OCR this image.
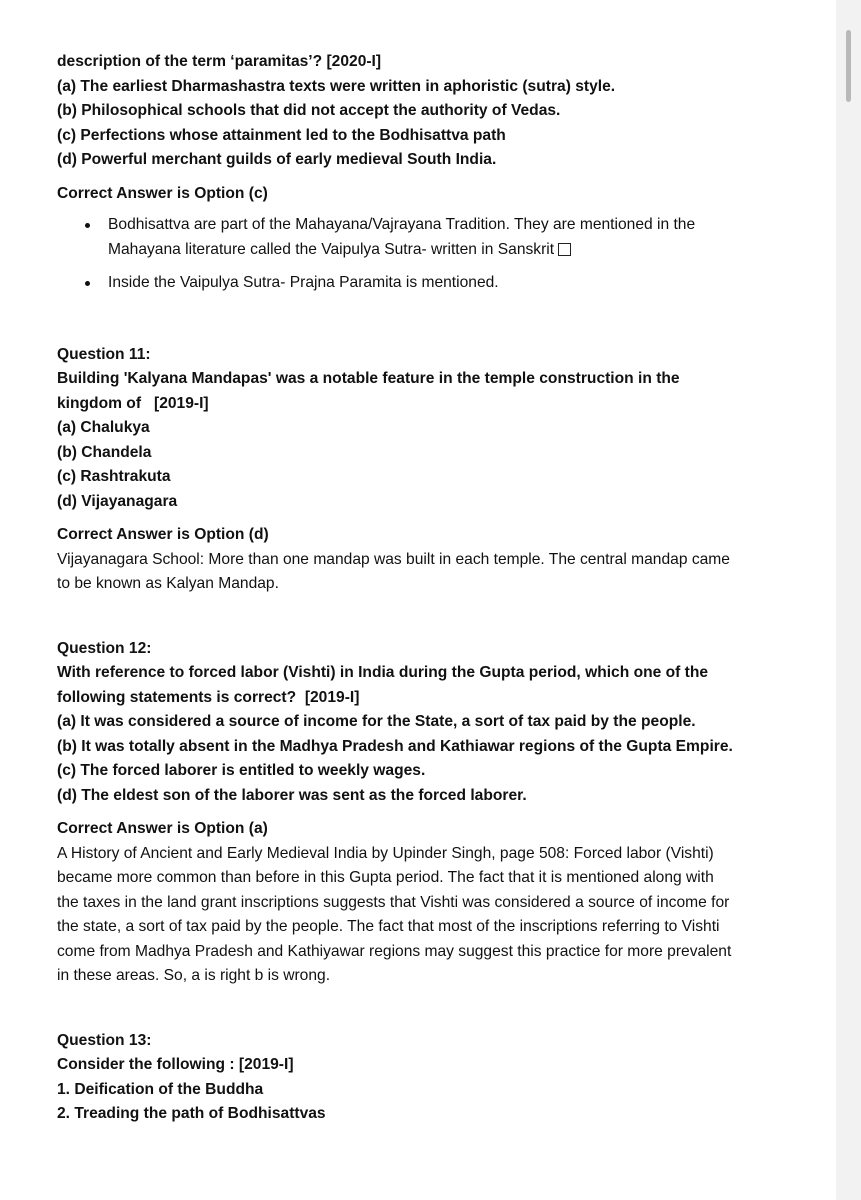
description of the term ‘paramitas’? [2020-I]
(a) The earliest Dharmashastra texts were written in aphoristic (sutra) style.
(b) Philosophical schools that did not accept the authority of Vedas.
(c) Perfections whose attainment led to the Bodhisattva path
(d) Powerful merchant guilds of early medieval South India.
Correct Answer is Option (c)
Bodhisattva are part of the Mahayana/Vajrayana Tradition. They are mentioned in the
Mahayana literature called the Vaipulya Sutra- written in Sanskrit
Inside the Vaipulya Sutra- Prajna Paramita is mentioned.
Question 11:
Building 'Kalyana Mandapas' was a notable feature in the temple construction in the
kingdom of   [2019-I]
(a) Chalukya
(b) Chandela
(c) Rashtrakuta
(d) Vijayanagara
Correct Answer is Option (d)
Vijayanagara School: More than one mandap was built in each temple. The central mandap came
to be known as Kalyan Mandap.
Question 12:
With reference to forced labor (Vishti) in India during the Gupta period, which one of the
following statements is correct?  [2019-I]
(a) It was considered a source of income for the State, a sort of tax paid by the people.
(b) It was totally absent in the Madhya Pradesh and Kathiawar regions of the Gupta Empire.
(c) The forced laborer is entitled to weekly wages.
(d) The eldest son of the laborer was sent as the forced laborer.
Correct Answer is Option (a)
A History of Ancient and Early Medieval India by Upinder Singh, page 508: Forced labor (Vishti)
became more common than before in this Gupta period. The fact that it is mentioned along with
the taxes in the land grant inscriptions suggests that Vishti was considered a source of income for
the state, a sort of tax paid by the people. The fact that most of the inscriptions referring to Vishti
come from Madhya Pradesh and Kathiyawar regions may suggest this practice for more prevalent
in these areas. So, a is right b is wrong.
Question 13:
Consider the following : [2019-I]
1. Deification of the Buddha
2. Treading the path of Bodhisattvas
